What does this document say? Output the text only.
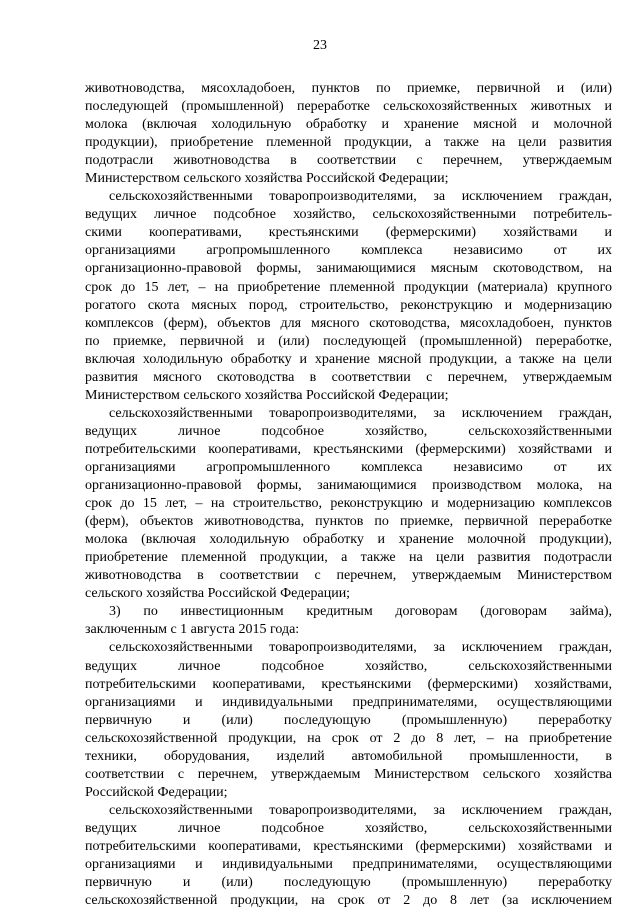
23
животноводства, мясохладобоен, пунктов по приемке, первичной и (или)
последующей (промышленной) переработке сельскохозяйственных животных и
молока (включая холодильную обработку и хранение мясной и молочной
продукции), приобретение племенной продукции, а также на цели развития
подотрасли животноводства в соответствии с перечнем, утверждаемым
Министерством сельского хозяйства Российской Федерации;
сельскохозяйственными товаропроизводителями, за исключением граждан,
ведущих личное подсобное хозяйство, сельскохозяйственными потребитель-
скими кооперативами, крестьянскими (фермерскими) хозяйствами и
организациями агропромышленного комплекса независимо от их
организационно-правовой формы, занимающимися мясным скотоводством, на
срок до 15 лет, – на приобретение племенной продукции (материала) крупного
рогатого скота мясных пород, строительство, реконструкцию и модернизацию
комплексов (ферм), объектов для мясного скотоводства, мясохладобоен, пунктов
по приемке, первичной и (или) последующей (промышленной) переработке,
включая холодильную обработку и хранение мясной продукции, а также на цели
развития мясного скотоводства в соответствии с перечнем, утверждаемым
Министерством сельского хозяйства Российской Федерации;
сельскохозяйственными товаропроизводителями, за исключением граждан,
ведущих личное подсобное хозяйство, сельскохозяйственными
потребительскими кооперативами, крестьянскими (фермерскими) хозяйствами и
организациями агропромышленного комплекса независимо от их
организационно-правовой формы, занимающимися производством молока, на
срок до 15 лет, – на строительство, реконструкцию и модернизацию комплексов
(ферм), объектов животноводства, пунктов по приемке, первичной переработке
молока (включая холодильную обработку и хранение молочной продукции),
приобретение племенной продукции, а также на цели развития подотрасли
животноводства в соответствии с перечнем, утверждаемым Министерством
сельского хозяйства Российской Федерации;
3) по инвестиционным кредитным договорам (договорам займа),
заключенным с 1 августа 2015 года:
сельскохозяйственными товаропроизводителями, за исключением граждан,
ведущих личное подсобное хозяйство, сельскохозяйственными
потребительскими кооперативами, крестьянскими (фермерскими) хозяйствами,
организациями и индивидуальными предпринимателями, осуществляющими
первичную и (или) последующую (промышленную) переработку
сельскохозяйственной продукции, на срок от 2 до 8 лет, – на приобретение
техники, оборудования, изделий автомобильной промышленности, в
соответствии с перечнем, утверждаемым Министерством сельского хозяйства
Российской Федерации;
сельскохозяйственными товаропроизводителями, за исключением граждан,
ведущих личное подсобное хозяйство, сельскохозяйственными
потребительскими кооперативами, крестьянскими (фермерскими) хозяйствами и
организациями и индивидуальными предпринимателями, осуществляющими
первичную и (или) последующую (промышленную) переработку
сельскохозяйственной продукции, на срок от 2 до 8 лет (за исключением
